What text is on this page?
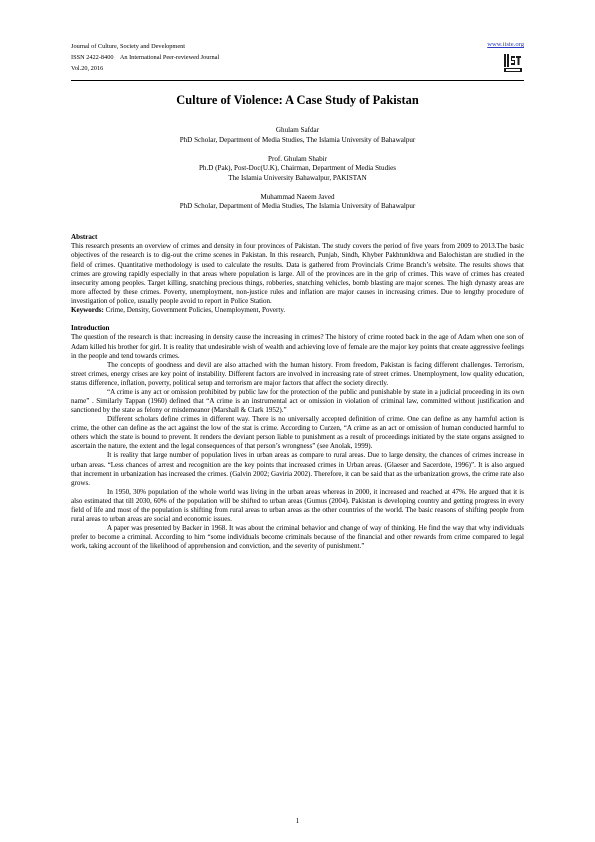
Journal of Culture, Society and Development
ISSN 2422-8400 An International Peer-reviewed Journal
Vol.20, 2016
www.iiste.org
Culture of Violence: A Case Study of Pakistan
Ghulam Safdar
PhD Scholar, Department of Media Studies, The Islamia University of Bahawalpur
Prof. Ghulam Shabir
Ph.D (Pak), Post-Doc(U.K), Chairman, Department of Media Studies
The Islamia University Bahawalpur, PAKISTAN
Muhammad Naeem Javed
PhD Scholar, Department of Media Studies, The Islamia University of Bahawalpur
Abstract

This research presents an overview of crimes and density in four provinces of Pakistan. The study covers the period of five years from 2009 to 2013.The basic objectives of the research is to dig-out the crime scenes in Pakistan. In this research, Punjab, Sindh, Khyber Pakhtunkhwa and Balochistan are studied in the field of crimes. Quantitative methodology is used to calculate the results. Data is gathered from Provincials Crime Branch’s website. The results shows that crimes are growing rapidly especially in that areas where population is large. All of the provinces are in the grip of crimes. This wave of crimes has created insecurity among peoples. Target killing, snatching precious things, robberies, snatching vehicles, bomb blasting are major scenes. The high dynasty areas are more affected by these crimes. Poverty, unemployment, non-justice rules and inflation are major causes in increasing crimes. Due to lengthy procedure of investigation of police, usually people avoid to report in Police Station.

Keywords: Crime, Density, Government Policies, Unemployment, Poverty.

Introduction

The question of the research is that: increasing in density cause the increasing in crimes? The history of crime rooted back in the age of Adam when one son of Adam killed his brother for girl. It is reality that undesirable wish of wealth and achieving love of female are the major key points that create aggressive feelings in the people and tend towards crimes.

The concepts of goodness and devil are also attached with the human history. From freedom, Pakistan is facing different challenges. Terrorism, street crimes, energy crises are key point of instability. Different factors are involved in increasing rate of street crimes. Unemployment, low quality education, status difference, inflation, poverty, political setup and terrorism are major factors that affect the society directly.

“A crime is any act or omission prohibited by public law for the protection of the public and punishable by state in a judicial proceeding in its own name” . Similarly Tappan (1960) defined that “A crime is an instrumental act or omission in violation of criminal law, committed without justification and sanctioned by the state as felony or misdemeanor (Marshall & Clark 1952).”

Different scholars define crimes in different way. There is no universally accepted definition of crime. One can define as any harmful action is crime, the other can define as the act against the low of the stat is crime. According to Curzen, “A crime as an act or omission of human conducted harmful to others which the state is bound to prevent. It renders the deviant person liable to punishment as a result of proceedings initiated by the state organs assigned to ascertain the nature, the extent and the legal consequences of that person’s wrongness” (see Anolak, 1999).

It is reality that large number of population lives in urban areas as compare to rural areas. Due to large density, the chances of crimes increase in urban areas. “Less chances of arrest and recognition are the key points that increased crimes in Urban areas. (Glaeser and Sacerdote, 1996)”. It is also argued that increment in urbanization has increased the crimes. (Galvin 2002; Gaviria 2002). Therefore, it can be said that as the urbanization grows, the crime rate also grows.

In 1950, 30% population of the whole world was living in the urban areas whereas in 2000, it increased and reached at 47%. He argued that it is also estimated that till 2030, 60% of the population will be shifted to urban areas (Gumus (2004). Pakistan is developing country and getting progress in every field of life and most of the population is shifting from rural areas to urban areas as the other countries of the world. The basic reasons of shifting people from rural areas to urban areas are social and economic issues.

A paper was presented by Backer in 1968. It was about the criminal behavior and change of way of thinking. He find the way that why individuals prefer to become a criminal. According to him “some individuals become criminals because of the financial and other rewards from crime compared to legal work, taking account of the likelihood of apprehension and conviction, and the severity of punishment.”

1
